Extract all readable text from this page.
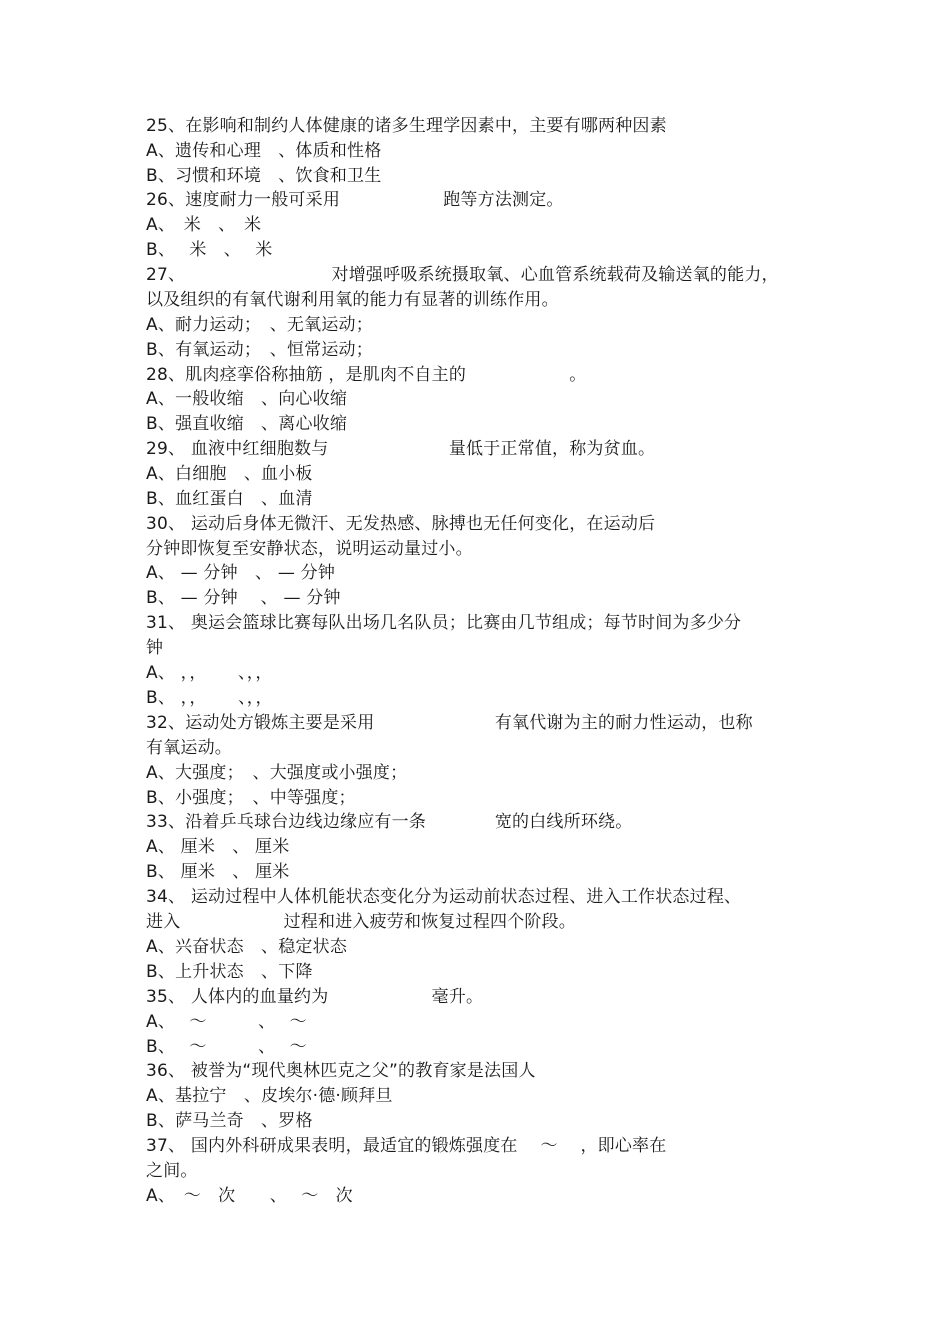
25、在影响和制约人体健康的诸多生理学因素中，主要有哪两种因素
A、遗传和心理　、体质和性格
B、习惯和环境　、饮食和卫生
26、速度耐力一般可采用　　　　　　跑等方法测定。
A、　米　、　米
B、　 米　、　 米
27、　　　　　　　　　对增强呼吸系统摄取氧、心血管系统载荷及输送氧的能力，
以及组织的有氧代谢利用氧的能力有显著的训练作用。
A、耐力运动；　、无氧运动；
B、有氧运动；　、恒常运动；
28、肌肉痉挛俗称抽筋 ，是肌肉不自主的　　　　　　。
A、一般收缩　、向心收缩
B、强直收缩　、离心收缩
29、 血液中红细胞数与　　　　　　　量低于正常值，称为贫血。
A、白细胞　、血小板
B、血红蛋白　、血清
30、 运动后身体无微汗、无发热感、脉搏也无任何变化，在运动后
分钟即恢复至安静状态，说明运动量过小。
A、 — 分钟　、 — 分钟
B、 — 分钟　 、 — 分钟
31、 奥运会篮球比赛每队出场几名队员；比赛由几节组成；每节时间为多少分
钟
A、 ，，　　 、，，
B、 ，，　　 、，，
32、运动处方锻炼主要是采用　　　　　　　有氧代谢为主的耐力性运动，也称
有氧运动。
A、大强度；　、大强度或小强度；
B、小强度；　、中等强度；
33、沿着乒乓球台边线边缘应有一条　　　　宽的白线所环绕。
A、 厘米　、 厘米
B、 厘米　、 厘米
34、 运动过程中人体机能状态变化分为运动前状态过程、进入工作状态过程、
进入　　　　　　过程和进入疲劳和恢复过程四个阶段。
A、兴奋状态　、稳定状态
B、上升状态　、下降
35、 人体内的血量约为　　　　　　毫升。
A、　 ～　　　、　 ～
B、　 ～　　　、　 ～
36、 被誉为“现代奥林匹克之父”的教育家是法国人
A、基拉宁　、皮埃尔·德·顾拜旦
B、萨马兰奇　、罗格
37、 国内外科研成果表明，最适宜的锻炼强度在　 ～　 ，即心率在
之间。
A、　～　次　　、　 ～　次
